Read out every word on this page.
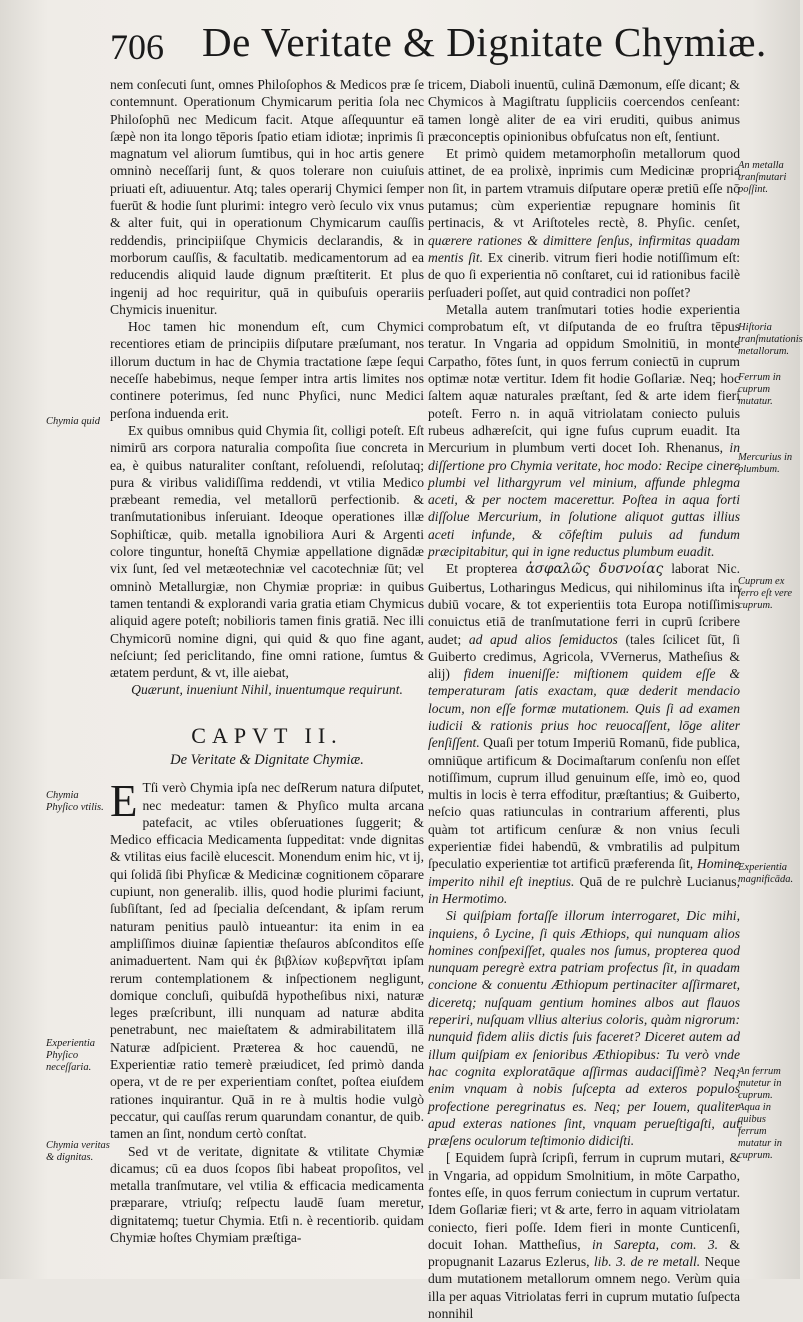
706 De Veritate & Dignitate Chymiæ.

nem conſecuti ſunt, omnes Philoſophos & Medicos præ ſe contemnunt. Operationum Chymicarum peritia ſola nec Philoſophū nec Medicum facit. Atque aſſequuntur eā ſæpè non ita longo tēporis ſpatio etiam idiotæ; inprimis ſi magnatum vel aliorum ſumtibus, qui in hoc artis genere omninò neceſſarij ſunt, & quos tolerare non cuiuſuis priuati eſt, adiuuentur. Atq; tales operarij Chymici ſemper fuerūt & hodie ſunt plurimi: integro verò ſeculo vix vnus & alter fuit, qui in operationum Chymicarum cauſſis reddendis, principiiſque Chymicis declarandis, & in morborum cauſſis, & facultatib. medicamentorum ad ea reducendis aliquid laude dignum præſtiterit. Et plus ingenij ad hoc requiritur, quā in quibuſuis operariis Chymicis inuenitur.

Hoc tamen hic monendum eſt, cum Chymici recentiores etiam de principiis diſputare præſumant, nos illorum ductum in hac de Chymia tractatione ſæpe ſequi neceſſe habebimus, neque ſemper intra artis limites nos continere poterimus, ſed nunc Phyſici, nunc Medici perſona induenda erit.

Ex quibus omnibus quid Chymia ſit, colligi poteſt. Eſt nimirū ars corpora naturalia compoſita ſiue concreta in ea, è quibus naturaliter conſtant, reſoluendi, reſolutaq; pura & viribus validiſſima reddendi, vt vtilia Medico præbeant remedia, vel metallorū perfectionib. & tranſmutationibus inſeruiant. Ideoque operationes illæ Sophiſticæ, quib. metalla ignobiliora Auri & Argenti colore tinguntur, honeſtā Chymiæ appellatione dignādæ vix ſunt, ſed vel metæotechniæ vel cacotechniæ ſūt; vel omninò Metallurgiæ, non Chymiæ propriæ: in quibus tamen tentandi & explorandi varia gratia etiam Chymicus aliquid agere poteſt; nobilioris tamen finis gratiā. Nec illi Chymicorū nomine digni, qui quid & quo fine agant, neſciunt; ſed periclitando, fine omni ratione, ſumtus & ætatem perdunt, & vt, ille aiebat,

Quærunt, inueniunt Nihil, inuentumque requirunt.

CAPVT II.
De Veritate & Dignitate Chymiæ.

E Tſi verò Chymia ipſa nec deſRerum natura diſputet, nec medeatur: tamen & Phyſico multa arcana patefacit, ac vtiles obſeruationes ſuggerit; & Medico efficacia Medicamenta ſuppeditat: vnde dignitas & vtilitas eius facilè elucescit. Monendum enim hic, vt ij, qui ſolidā ſibi Phyſicæ & Medicinæ cognitionem cōparare cupiunt, non generalib. illis, quod hodie plurimi faciunt, ſubſiſtant, ſed ad ſpecialia deſcendant, & ipſam rerum naturam penitius paulò intueantur: ita enim in ea ampliſſimos diuinæ ſapientiæ theſauros abſconditos eſſe animaduertent. Nam qui ἐκ βιβλίων κυβερνῆται ipſam rerum contemplationem & inſpectionem negligunt, domique concluſi, quibuſdā hypotheſibus nixi, naturæ leges præſcribunt, illi nunquam ad naturæ abdita penetrabunt, nec maieſtatem & admirabilitatem illā Naturæ adſpicient. Præterea & hoc cauendū, ne Experientiæ ratio temerè præiudicet, ſed primò danda opera, vt de re per experientiam conſtet, poſtea eiuſdem rationes inquirantur. Quā in re à multis hodie vulgò peccatur, qui cauſſas rerum quarundam conantur, de quib. tamen an ſint, nondum certò conſtat.

Sed vt de veritate, dignitate & vtilitate Chymiæ dicamus; cū ea duos ſcopos ſibi habeat propoſitos, vel metalla tranſmutare, vel vtilia & efficacia medicamenta præparare, vtriuſq; reſpectu laudē ſuam meretur, dignitatemq; tuetur Chymia. Etſi n. è recentiorib. quidam Chymiæ hoſtes Chymiam præſtiga-

tricem, Diaboli inuentū, culinā Dæmonum, eſſe dicant; & Chymicos à Magiſtratu ſuppliciis coercendos cenſeant: tamen longè aliter de ea viri eruditi, quibus animus præconceptis opinionibus obfuſcatus non eſt, ſentiunt.

Et primò quidem metamorphoſin metallorum quod attinet, de ea prolixè, inprimis cum Medicinæ propria non ſit, in partem vtramuis diſputare operæ pretiū eſſe nō putamus; cùm experientiæ repugnare hominis ſit pertinacis, & vt Ariſtoteles rectè, 8. Phyſic. cenſet, quærere rationes & dimittere ſenſus, infirmitas quadam mentis ſit. Ex cinerib. vitrum fieri hodie notiſſimum eſt: de quo ſi experientia nō conſtaret, cui id rationibus facilè perſuaderi poſſet, aut quid contradici non poſſet?

Metalla autem tranſmutari toties hodie experientia comprobatum eſt, vt diſputanda de eo fruſtra tēpus teratur. In Vngaria ad oppidum Smolnitiū, in monte Carpatho, fōtes ſunt, in quos ferrum coniectū in cuprum optimæ notæ vertitur. Idem fit hodie Goſlariæ. Neq; hoc ſaltem aquæ naturales præſtant, ſed & arte idem fieri poteſt. Ferro n. in aquā vitriolatam coniecto puluis rubeus adhæreſcit, qui igne fuſus cuprum euadit. Ita Mercurium in plumbum verti docet Ioh. Rhenanus, in diſſertione pro Chymia veritate, hoc modo: Recipe cinere plumbi vel lithargyrum vel minium, affunde phlegma aceti, & per noctem macerettur. Poſtea in aqua forti diſſolue Mercurium, in ſolutione aliquot guttas illius aceti infunde, & cōfeſtim puluis ad fundum præcipitabitur, qui in igne reductus plumbum euadit.

Et propterea ἀσφαλῶς δυσνοίας laborat Nic. Guibertus, Lotharingus Medicus, qui nihilominus iſta in dubiū vocare, & tot experientiis tota Europa notiſſimis conuictus etiā de tranſmutatione ferri in cuprū ſcribere audet; ad apud alios ſemiductos (tales ſcilicet ſūt, ſi Guiberto credimus, Agricola, VVernerus, Matheſius & alij) fidem inueniſſe: miſtionem quidem eſſe & temperaturam ſatis exactam, quæ dederit mendacio locum, non eſſe formæ mutationem. Quis ſi ad examen iudicii & rationis prius hoc reuocaſſent, lōge aliter ſenſiſſent. Quaſi per totum Imperiū Romanū, fide publica, omniūque artificum & Docimaſtarum conſenſu non eſſet notiſſimum, cuprum illud genuinum eſſe, imò eo, quod multis in locis è terra effoditur, præſtantius; & Guiberto, neſcio quas ratiunculas in contrarium afferenti, plus quàm tot artificum cenſuræ & non vnius ſeculi experientiæ fidei habendū, & vmbratilis ad pulpitum ſpeculatio experientiæ tot artificū præferenda ſit, Homine imperito nihil eſt ineptius. Quā de re pulchrè Lucianus, in Hermotimo.

Si quiſpiam fortaſſe illorum interrogaret, Dic mihi, inquiens, ô Lycine, ſi quis Æthiops, qui nunquam alios homines conſpexiſſet, quales nos ſumus, propterea quod nunquam peregrè extra patriam profectus ſit, in quadam concione & conuentu Æthiopum pertinaciter aſſirmaret, diceretq; nuſquam gentium homines albos aut flauos reperiri, nuſquam vllius alterius coloris, quàm nigrorum: nunquid fidem aliis dictis ſuis faceret? Diceret autem ad illum quiſpiam ex ſenioribus Æthiopibus: Tu verò vnde hac cognita exploratāque aſſirmas audaciſſimè? Neq; enim vnquam à nobis ſuſcepta ad exteros populos profectione peregrinatus es. Neq; per Iouem, qualiter apud exteras nationes ſint, vnquam perueſtigaſti, aut præſens oculorum teſtimonio didiciſti.

[ Equidem ſuprà ſcripſi, ferrum in cuprum mutari, & in Vngaria, ad oppidum Smolnitium, in mōte Carpatho, fontes eſſe, in quos ferrum coniectum in cuprum vertatur. Idem Goſlariæ fieri; vt & arte, ferro in aquam vitriolatam coniecto, fieri poſſe. Idem fieri in monte Cunticenſi, docuit Iohan. Mattheſius, in Sarepta, com. 3. & propugnanit Lazarus Ezlerus, lib. 3. de re metall. Neque dum mutationem metallorum omnem nego. Verùm quia illa per aquas Vitriolatas ferri in cuprum mutatio ſuſpecta nonnihil

Chymia quid
Chymia Phyſico vtilis.
Experientia Phyſico neceſſaria.
Chymia veritas & dignitas.
An metalla tranſmutari poſſint.
Hiſtoria tranſmutationis metallorum.
Ferrum in cuprum mutatur.
Mercurius in plumbum.
Cuprum ex ferro eſt vere cuprum.
Experientia magnificāda.
An ferrum mutetur in cuprum. Aqua in quibus ferrum mutatur in cuprum.
